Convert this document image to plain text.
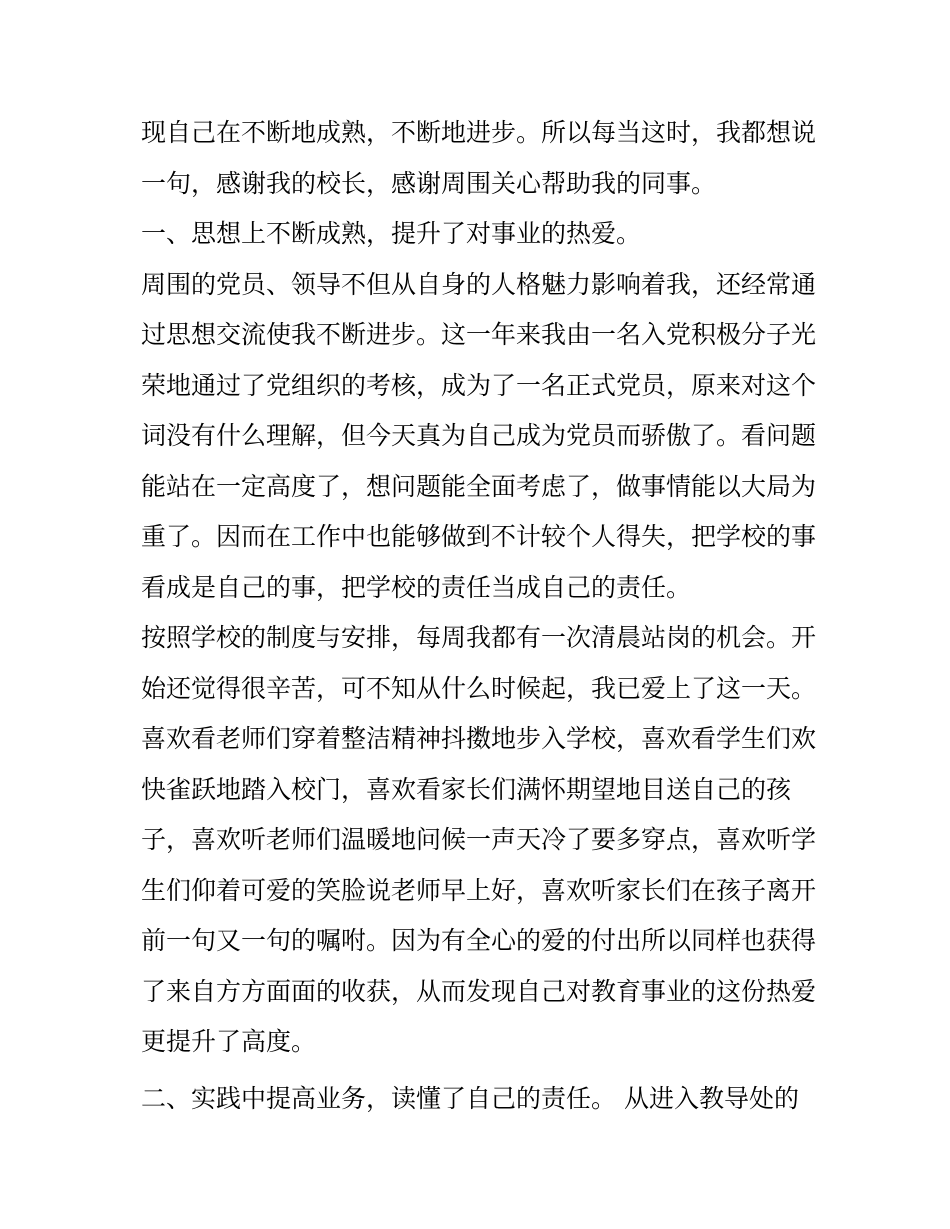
现自己在不断地成熟，不断地进步。所以每当这时，我都想说
一句，感谢我的校长，感谢周围关心帮助我的同事。
一、思想上不断成熟，提升了对事业的热爱。
周围的党员、领导不但从自身的人格魅力影响着我，还经常通
过思想交流使我不断进步。这一年来我由一名入党积极分子光
荣地通过了党组织的考核，成为了一名正式党员，原来对这个
词没有什么理解，但今天真为自己成为党员而骄傲了。看问题
能站在一定高度了，想问题能全面考虑了，做事情能以大局为
重了。因而在工作中也能够做到不计较个人得失，把学校的事
看成是自己的事，把学校的责任当成自己的责任。
按照学校的制度与安排，每周我都有一次清晨站岗的机会。开
始还觉得很辛苦，可不知从什么时候起，我已爱上了这一天。
喜欢看老师们穿着整洁精神抖擞地步入学校，喜欢看学生们欢
快雀跃地踏入校门，喜欢看家长们满怀期望地目送自己的孩
子，喜欢听老师们温暖地问候一声天冷了要多穿点，喜欢听学
生们仰着可爱的笑脸说老师早上好，喜欢听家长们在孩子离开
前一句又一句的嘱咐。因为有全心的爱的付出所以同样也获得
了来自方方面面的收获，从而发现自己对教育事业的这份热爱
更提升了高度。
二、实践中提高业务，读懂了自己的责任。 从进入教导处的
